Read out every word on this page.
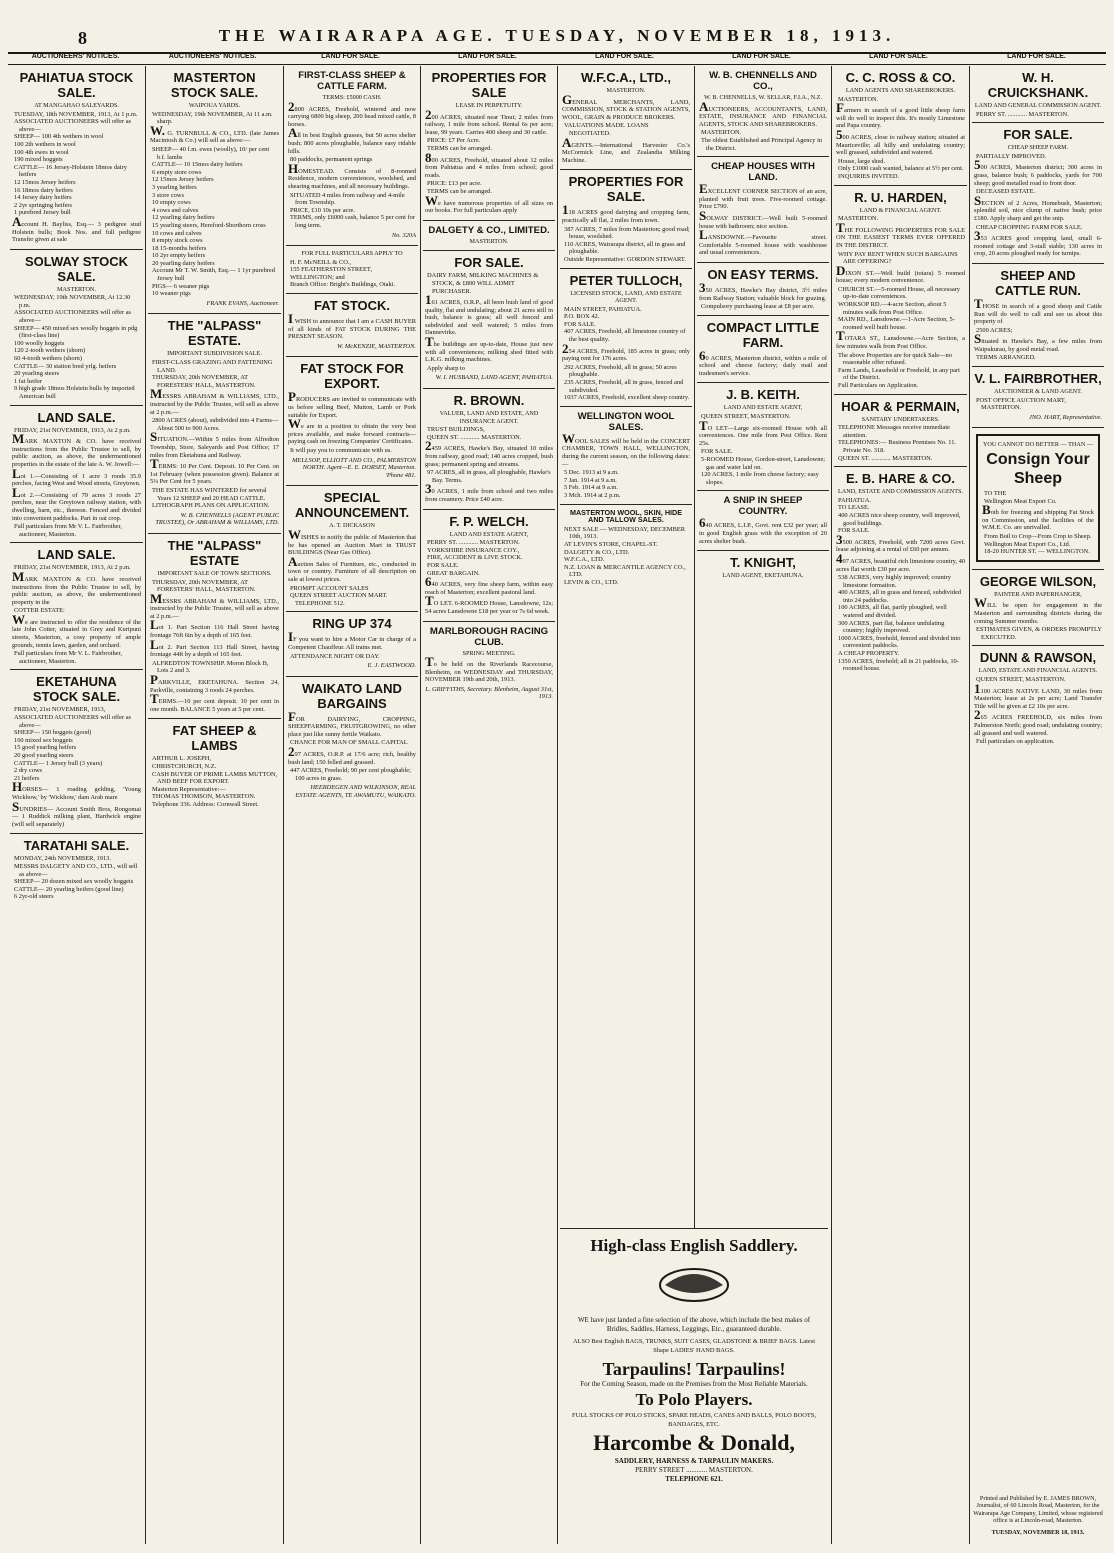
8	THE WAIRARAPA AGE. TUESDAY, NOVEMBER 18, 1913.
AUCTIONEERS' NOTICES.	AUCTIONEERS' NOTICES.	LAND FOR SALE.	LAND FOR SALE.	LAND FOR SALE.	LAND FOR SALE.	LAND FOR SALE.	LAND FOR SALE.
PAHIATUA STOCK SALE.
AT MANGAHAO SALEYARDS.
TUESDAY, 18th NOVEMBER, 1913, At 1 p.m.
ASSOCIATED AUCTIONEERS will offer as above—
SHEEP— 100 4th wethers in wool
100 2th wethers in wool
100 4th ewes in wool
190 mixed hoggets
CATTLE— 16 Jersey-Holstein 18mos dairy heifers
12 15mos Jersey heifers
16 18mos dairy heifers
14 Jersey dairy heifers
2 2yr springing heifers
1 purebred Jersey bull
Account H. Bayliss, Esq.— 3 pedigree stud Holstein bulls; Book Nos. and full pedigree Transfer given at sale
SOLWAY STOCK SALE.
MASTERTON.
WEDNESDAY, 19th NOVEMBER, At 12.30 p.m.
ASSOCIATED AUCTIONEERS will offer as above—
SHEEP— 450 mixed sex woolly hoggets in pdg (first-class line)
100 woolly hoggets
120 2-tooth wethers (shorn)
60 4-tooth wethers (shorn)
CATTLE— 30 station bred yrlg. heifers
20 yearling steers
1 fat heifer
9 high grade 18mos Holstein bulls by imported American bull
LAND SALE.
FRIDAY, 21st NOVEMBER, 1913, At 2 p.m.
MARK MAXTON & CO. have received instructions from the Public Trustee to sell, by public auction, as above, the undermentioned properties in the estate of the late A. W. Jowell:—
Lot 1.—Consisting of 1 acre 3 roods 35.9 perches, facing West and Wood streets, Greytown.
Lot 2.—Consisting of 79 acres 3 roods 27 perches, near the Greytown railway station, with dwelling, barn, etc., thereon. Fenced and divided into convenient paddocks. Part in oat crop.
Full particulars from Mr V. L. Fairbrother, auctioneer, Masterton.
LAND SALE.
FRIDAY, 21st NOVEMBER, 1913, At 2 p.m.
MARK MAXTON & CO. have received instructions from the Public Trustee to sell, by public auction, as above, the undermentioned property in the
COTTER ESTATE:
We are instructed to offer the residence of the late John Cotter, situated in Grey and Kuripuni streets, Masterton, a cosy property of ample grounds, tennis lawn, garden, and orchard.
Full particulars from Mr V. L. Fairbrother, auctioneer, Masterton.
EKETAHUNA STOCK SALE.
FRIDAY, 21st NOVEMBER, 1913,
ASSOCIATED AUCTIONEERS will offer as above—
SHEEP— 150 hoggets (good)
160 mixed sex hoggets
15 good yearling heifers
20 good yearling steers
CATTLE— 1 Jersey bull (3 years)
2 dry cows
21 heifers
HORSES— 1 roading gelding, 'Young Wickhow,' by 'Wickhow,' dam Arab mare
SUNDRIES— Account Smith Bros, Rongomai— 1 Ruddick milking plant, Hardwick engine (will sell separately)
TARATAHI SALE.
MONDAY, 24th NOVEMBER, 1913.
MESSRS DALGETY AND CO., LTD., will sell as above—
SHEEP— 20 dozen mixed sex woolly hoggets
CATTLE— 20 yearling heifers (good line)
6 2yr-old steers
MASTERTON STOCK SALE.
WAIPOUA YARDS.
WEDNESDAY, 19th NOVEMBER, At 11 a.m. sharp.
W. G. TURNBULL & CO., LTD. (late James Macintosh & Co.) will sell as above:—
SHEEP— 40 f.m. ewes (woolly), 10/ per cent b.f. lambs
CATTLE— 10 15mos dairy heifers
6 empty store cows
12 15mos Jersey heifers
3 yearling heifers
3 store cows
10 empty cows
4 cows and calves
12 yearling dairy heifers
15 yearling steers, Hereford-Shorthorn cross
10 cows and calves
8 empty stock cows
18 15-months heifers
10 2yr empty heifers
20 yearling dairy heifers
Account Mr T. W. Smith, Esq.— 1 1yr purebred Jersey bull
PIGS— 6 weaner pigs
10 weaner pigs
FRANK EVANS, Auctioneer.
THE "ALPASS" ESTATE.
IMPORTANT SUBDIVISION SALE.
FIRST-CLASS GRAZING AND FATTENING LAND.
THURSDAY, 20th NOVEMBER, AT FORESTERS' HALL, MASTERTON.
MESSRS ABRAHAM & WILLIAMS, LTD., instructed by the Public Trustee, will sell as above at 2 p.m.—
2800 ACRES (about), subdivided into 4 Farms—About 500 to 900 Acres.
SITUATION.—Within 5 miles from Alfredton Township, Store, Saleyards and Post Office; 17 miles from Eketahuna and Railway.
TERMS: 10 Per Cent. Deposit. 10 Per Cent. on 1st February (when possession given). Balance at 5¼ Per Cent for 5 years.
THE ESTATE HAS WINTERED for several Years 12 SHEEP and 20 HEAD CATTLE.
LITHOGRAPH PLANS ON APPLICATION.
W. B. CHENNELLS (AGENT PUBLIC TRUSTEE), Or ABRAHAM & WILLIAMS, LTD.
THE "ALPASS" ESTATE
IMPORTANT SALE OF TOWN SECTIONS.
THURSDAY, 20th NOVEMBER, AT FORESTERS' HALL, MASTERTON.
MESSRS ABRAHAM & WILLIAMS, LTD., instructed by the Public Trustee, will sell as above at 2 p.m.—
Lot 1. Part Section 116 Hall Street having frontage 76ft 6in by a depth of 165 feet.
Lot 2. Part Section 113 Hall Street, having frontage 44ft by a depth of 165 feet.
ALFREDTON TOWNSHIP. Moron Block B, Lots 2 and 3.
PARKVILLE, EKETAHUNA. Section 24, Parkville, containing 3 roods 24 perches.
TERMS.—10 per cent deposit. 10 per cent in one month. BALANCE 5 years at 5 per cent.
FAT SHEEP & LAMBS
ARTHUR L. JOSEPH,
CHRISTCHURCH, N.Z.
CASH BUYER OF PRIME LAMBS MUTTON, AND BEEF FOR EXPORT.
Masterton Representative:—
THOMAS THOMSON, MASTERTON.
Telephone 336. Address: Cornwall Street.
FIRST-CLASS SHEEP & CATTLE FARM.
TERMS: £5000 CASH.
2800 ACRES, Freehold, wintered and now carrying 6800 big sheep, 200 head mixed cattle, 8 horses.
All in best English grasses, but 50 acres shelter bush; 800 acres ploughable, balance easy ridable hills.
80 paddocks, permanent springs
HOMESTEAD. Consists of 8-roomed Residence, modern conveniences, woolshed, and shearing machines, and all necessary buildings.
SITUATED 4 miles from railway and 4-mile from Township.
PRICE, £10 10s per acre.
TERMS, only £6000 cash, balance 5 per cent for long term.
No. 320A
FOR FULL PARTICULARS APPLY TO
H. F. McNEILL & CO.,
155 FEATHERSTON STREET,
WELLINGTON; and
Branch Office: Bright's Buildings, Otaki.
FAT STOCK.
I WISH to announce that I am a CASH BUYER of all kinds of FAT STOCK DURING THE PRESENT SEASON.
W. McKENZIE, MASTERTON.
FAT STOCK FOR EXPORT.
PRODUCERS are invited to communicate with us before selling Beef, Mutton, Lamb or Pork suitable for Export.
We are in a position to obtain the very best prices available, and make forward contracts—paying cash on freezing Companies' Certificates.
It will pay you to communicate with us.
MELLSOP, ELLIOTT AND CO., PALMERSTON NORTH. Agent—E. E. DORSET, Masterton. 'Phone 481.
SPECIAL ANNOUNCEMENT.
A. T. DICKASON
WISHES to notify the public of Masterton that he has opened an Auction Mart in TRUST BUILDINGS (Near Gas Office).
Auction Sales of Furniture, etc., conducted in town or country. Furniture of all description on sale at lowest prices.
PROMPT ACCOUNT SALES
QUEEN STREET AUCTION MART. TELEPHONE 512.
RING UP 374
IF you want to hire a Motor Car in charge of a Competent Chauffeur. All trains met.
ATTENDANCE NIGHT OR DAY.
E. J. EASTWOOD.
WAIKATO LAND BARGAINS
FOR DAIRYING, CROPPING, SHEEPFARMING, FRUITGROWING, no other place just like sunny fertile Waikato.
CHANCE FOR MAN OF SMALL CAPITAL
297 ACRES, O.R.P. at 17/6 acre; rich, healthy bush land; 150 felled and grassed.
447 ACRES, Freehold; 90 per cent ploughable; 100 acres in grass.
HEERDEGEN AND WILKINSON, REAL ESTATE AGENTS, TE AWAMUTU, WAIKATO.
PROPERTIES FOR SALE
LEASE IN PERPETUITY.
200 ACRES, situated near Tinui; 2 miles from railway, 1 mile from school. Rental 6s per acre; lease, 99 years. Carries 400 sheep and 30 cattle.
PRICE: £7 Per Acre.
TERMS can be arranged.
800 ACRES, Freehold, situated about 12 miles from Pahiatua and 4 miles from school; good roads.
PRICE: £13 per acre.
TERMS can be arranged.
We have numerous properties of all sizes on our books. For full particulars apply
DALGETY & CO., LIMITED.
MASTERTON.
FOR SALE.
DAIRY FARM, MILKING MACHINES & STOCK, & £800 WILL ADMIT PURCHASER.
161 ACRES, O.R.P., all been bush land of good quality, flat and undulating; about 21 acres still in bush, balance is grass; all well fenced and subdivided and well watered; 5 miles from Dannevirke.
The buildings are up-to-date, House just new with all conveniences; milking shed fitted with L.K.G. milking machines.
Apply sharp to
W. I. HUSBAND, LAND AGENT, PAHIATUA.
R. BROWN.
VALUER, LAND AND ESTATE, AND INSURANCE AGENT.
TRUST BUILDINGS,
QUEEN ST. ............ MASTERTON.
2459 ACRES, Hawke's Bay, situated 10 miles from railway, good road; 140 acres cropped, bush grass; permanent spring and streams.
97 ACRES, all in grass, all ploughable, Hawke's Bay. Terms.
30 ACRES, 1 mile from school and two miles from creamery. Price £40 acre.
F. P. WELCH.
LAND AND ESTATE AGENT,
PERRY ST. ............ MASTERTON.
YORKSHIRE INSURANCE COY.,
FIRE, ACCIDENT & LIVE STOCK.
FOR SALE.
GREAT BARGAIN.
640 ACRES, very fine sheep farm, within easy reach of Masterton; excellent pastoral land.
TO LET. 6-ROOMED House, Lansdowne, 12s; 54 acres Lansdowne £18 per year or 7s 6d week.
MARLBOROUGH RACING CLUB.
SPRING MEETING.
To be held on the Riverlands Racecourse, Blenheim, on WEDNESDAY and THURSDAY, NOVEMBER 19th and 20th, 1913.
L. GRIFFITHS, Secretary. Blenheim, August 31st, 1913.
W.F.C.A., LTD.,
MASTERTON.
GENERAL MERCHANTS, LAND, COMMISSION, STOCK & STATION AGENTS, WOOL, GRAIN & PRODUCE BROKERS.
VALUATIONS MADE. LOANS NEGOTIATED.
AGENTS.—International Harvester Co.'s McCormick Line, and Zealandia Milking Machine.
PROPERTIES FOR SALE.
118 ACRES good dairying and cropping farm, practically all flat, 2 miles from town.
387 ACRES, 7 miles from Masterton; good road; house, woolshed.
110 ACRES, Wairarapa district, all in grass and ploughable.
Outside Representative: GORDON STEWART.
PETER TULLOCH,
LICENSED STOCK, LAND, AND ESTATE AGENT.
MAIN STREET, PAHIATUA.
P.O. BOX 42.
FOR SALE.
407 ACRES, Freehold, all limestone country of the best quality.
254 ACRES, Freehold, 185 acres in grass; only paying rent for 176 acres.
292 ACRES, Freehold, all in grass; 50 acres ploughable.
235 ACRES, Freehold, all in grass, fenced and subdivided.
1037 ACRES, Freehold, excellent sheep country.
WELLINGTON WOOL SALES.
WOOL SALES will be held in the CONCERT CHAMBER, TOWN HALL, WELLINGTON, during the current season, on the following dates:—
5 Dec. 1913 at 9 a.m.
7 Jan. 1914 at 9 a.m.
5 Feb. 1914 at 9 a.m.
3 Mch. 1914 at 2 p.m.
MASTERTON WOOL, SKIN, HIDE AND TALLOW SALES.
NEXT SALE — WEDNESDAY, DECEMBER 10th, 1913.
AT LEVIN'S STORE, CHAPEL-ST.
DALGETY & CO., LTD.
W.F.C.A., LTD.
N.Z. LOAN & MERCANTILE AGENCY CO., LTD.
LEVIN & CO., LTD.
W. B. CHENNELLS AND CO.,
W. B. CHENNELLS, W. SELLAR, F.I.A., N.Z.
AUCTIONEERS, ACCOUNTANTS, LAND, ESTATE, INSURANCE AND FINANCIAL AGENTS, STOCK AND SHAREBROKERS.
MASTERTON.
The oldest Established and Principal Agency in the District.
CHEAP HOUSES WITH LAND.
EXCELLENT CORNER SECTION of an acre, planted with fruit trees. Five-roomed cottage. Price £790.
SOLWAY DISTRICT.—Well built 5-roomed house with bathroom; nice section.
LANSDOWNE.—Favourite street. Comfortable 5-roomed house with washhouse and usual conveniences.
ON EASY TERMS.
350 ACRES, Hawke's Bay district, 3½ miles from Railway Station; valuable block for grazing.
Compulsory purchasing lease at £8 per acre.
COMPACT LITTLE FARM.
60 ACRES, Masterton district, within a mile of school and cheese factory; daily mail and tradesmen's service.
J. B. KEITH.
LAND AND ESTATE AGENT,
QUEEN STREET, MASTERTON.
TO LET—Large six-roomed House with all conveniences. One mile from Post Office. Rent 25s.
FOR SALE.
5-ROOMED House, Gordon-street, Lansdowne; gas and water laid on.
120 ACRES, 1 mile from cheese factory; easy slopes.
A SNIP IN SHEEP COUNTRY.
640 ACRES, L.I.P., Govt. rent £32 per year; all in good English grass with the exception of 20 acres shelter bush.
T. KNIGHT,
LAND AGENT, EKETAHUNA.
C. C. ROSS & CO.
LAND AGENTS AND SHAREBROKERS.
MASTERTON.
Farmers in search of a good little sheep farm will do well to inspect this. It's mostly Limestone and Papa country.
500 ACRES, close to railway station; situated at Mauriceville; all hilly and undulating country; well grassed, subdivided and watered.
House, large shed.
Only £1000 cash wanted, balance at 5½ per cent.
INQUIRIES INVITED.
R. U. HARDEN,
LAND & FINANCIAL AGENT.
MASTERTON.
THE FOLLOWING PROPERTIES FOR SALE ON THE EASIEST TERMS EVER OFFERED IN THE DISTRICT.
WHY PAY RENT WHEN SUCH BARGAINS ARE OFFERING?
DIXON ST.—Well build (totara) 5 roomed house; every modern convenience.
CHURCH ST.—5-roomed House, all necessary up-to-date conveniences.
WORKSOP RD.—4-acre Section, about 5 minutes walk from Post Office.
MAIN RD., Lansdowne.—1-Acre Section, 5-roomed well built house.
TOTARA ST., Lansdowne.—Acre Section, a few minutes walk from Post Office.
The above Properties are for quick Sale—no reasonable offer refused.
Farm Lands, Leasehold or Freehold, in any part of the District.
Full Particulars on Application.
HOAR & PERMAIN,
SANITARY UNDERTAKERS.
TELEPHONE Messages receive immediate attention.
TELEPHONES:— Business Premises No. 11. Private No. 318.
QUEEN ST. ............ MASTERTON.
E. B. HARE & CO.
LAND, ESTATE AND COMMISSION AGENTS.
PAHIATUA.
TO LEASE.
400 ACRES nice sheep country, well improved, good buildings.
FOR SALE.
3500 ACRES, Freehold, with 7200 acres Govt. lease adjoining at a rental of £60 per annum.
407 ACRES, beautiful rich limestone country, 40 acres flat worth £30 per acre.
538 ACRES, very highly improved; country limestone formation.
400 ACRES, all in grass and fenced, subdivided into 24 paddocks.
100 ACRES, all flat, partly ploughed, well watered and divided.
300 ACRES, part flat, balance undulating country; highly improved.
1000 ACRES, freehold, fenced and divided into convenient paddocks.
A CHEAP PROPERTY.
1350 ACRES, freehold; all in 21 paddocks, 10-roomed house.
W. H. CRUICKSHANK.
LAND AND GENERAL COMMISSION AGENT.
PERRY ST. ............ MASTERTON.
FOR SALE.
CHEAP SHEEP FARM.
PARTIALLY IMPROVED.
500 ACRES, Masterton district; 300 acres in grass, balance bush; 6 paddocks, yards for 700 sheep; good metalled road to front door.
DECEASED ESTATE.
SECTION of 2 Acres, Homebush, Masterton; splendid soil, nice clump of native bush; price £180. Apply sharp and get the snip.
CHEAP CROPPING FARM FOR SALE.
353 ACRES good cropping land, small 6-roomed cottage and 3-stall stable; 130 acres in crop, 20 acres ploughed ready for turnips.
SHEEP AND CATTLE RUN.
THOSE in search of a good sheep and Cattle Run will do well to call and see us about this property of
2500 ACRES;
Situated in Hawke's Bay, a few miles from Waipukurau, by good metal road.
TERMS ARRANGED.
V. L. FAIRBROTHER,
AUCTIONEER & LAND AGENT.
POST OFFICE AUCTION MART, MASTERTON.
JNO. HART, Representative.
YOU CANNOT DO BETTER — THAN —
Consign Your Sheep
TO THE
Wellington Meat Export Co.
Both for freezing and shipping Fat Stock on Commission, and the facilities of the W.M.E. Co. are unrivalled.
From Boil to Crop—From Crop to Sheep.
Wellington Meat Export Co., Ltd.
18-20 HUNTER ST. — WELLINGTON.
GEORGE WILSON,
PAINTER AND PAPERHANGER,
WILL be open for engagement in the Masterton and surrounding districts during the coming Summer months.
ESTIMATES GIVEN, & ORDERS PROMPTLY EXECUTED.
DUNN & RAWSON,
LAND, ESTATE AND FINANCIAL AGENTS.
QUEEN STREET, MASTERTON.
1100 ACRES NATIVE LAND, 30 miles from Masterton; lease at 2s per acre; Land Transfer Title will be given at £2 10s per acre.
265 ACRES FREEHOLD, six miles from Palmerston North; good road; undulating country; all grassed and well watered.
Full particulars on application.
High-class English Saddlery.
WE have just landed a fine selection of the above, which include the best makes of Bridles, Saddles, Harness, Leggings, Etc., guaranteed durable.
ALSO Best English BAGS, TRUNKS, SUIT CASES, GLADSTONE & BRIEF BAGS. Latest Shape LADIES' HAND BAGS.
Tarpaulins! Tarpaulins!
For the Coming Season, made on the Premises from the Most Reliable Materials.
To Polo Players.
FULL STOCKS OF POLO STICKS, SPARE HEADS, CANES AND BALLS, POLO BOOTS, BANDAGES, ETC.
Harcombe & Donald,
SADDLERY, HARNESS & TARPAULIN MAKERS.
PERRY STREET ............ MASTERTON.
TELEPHONE 621.
Printed and Published by E. JAMES BROWN, Journalist, of 60 Lincoln Road, Masterton, for the Wairarapa Age Company, Limited, whose registered office is at Lincoln-road, Masterton.
TUESDAY, NOVEMBER 18, 1913.
